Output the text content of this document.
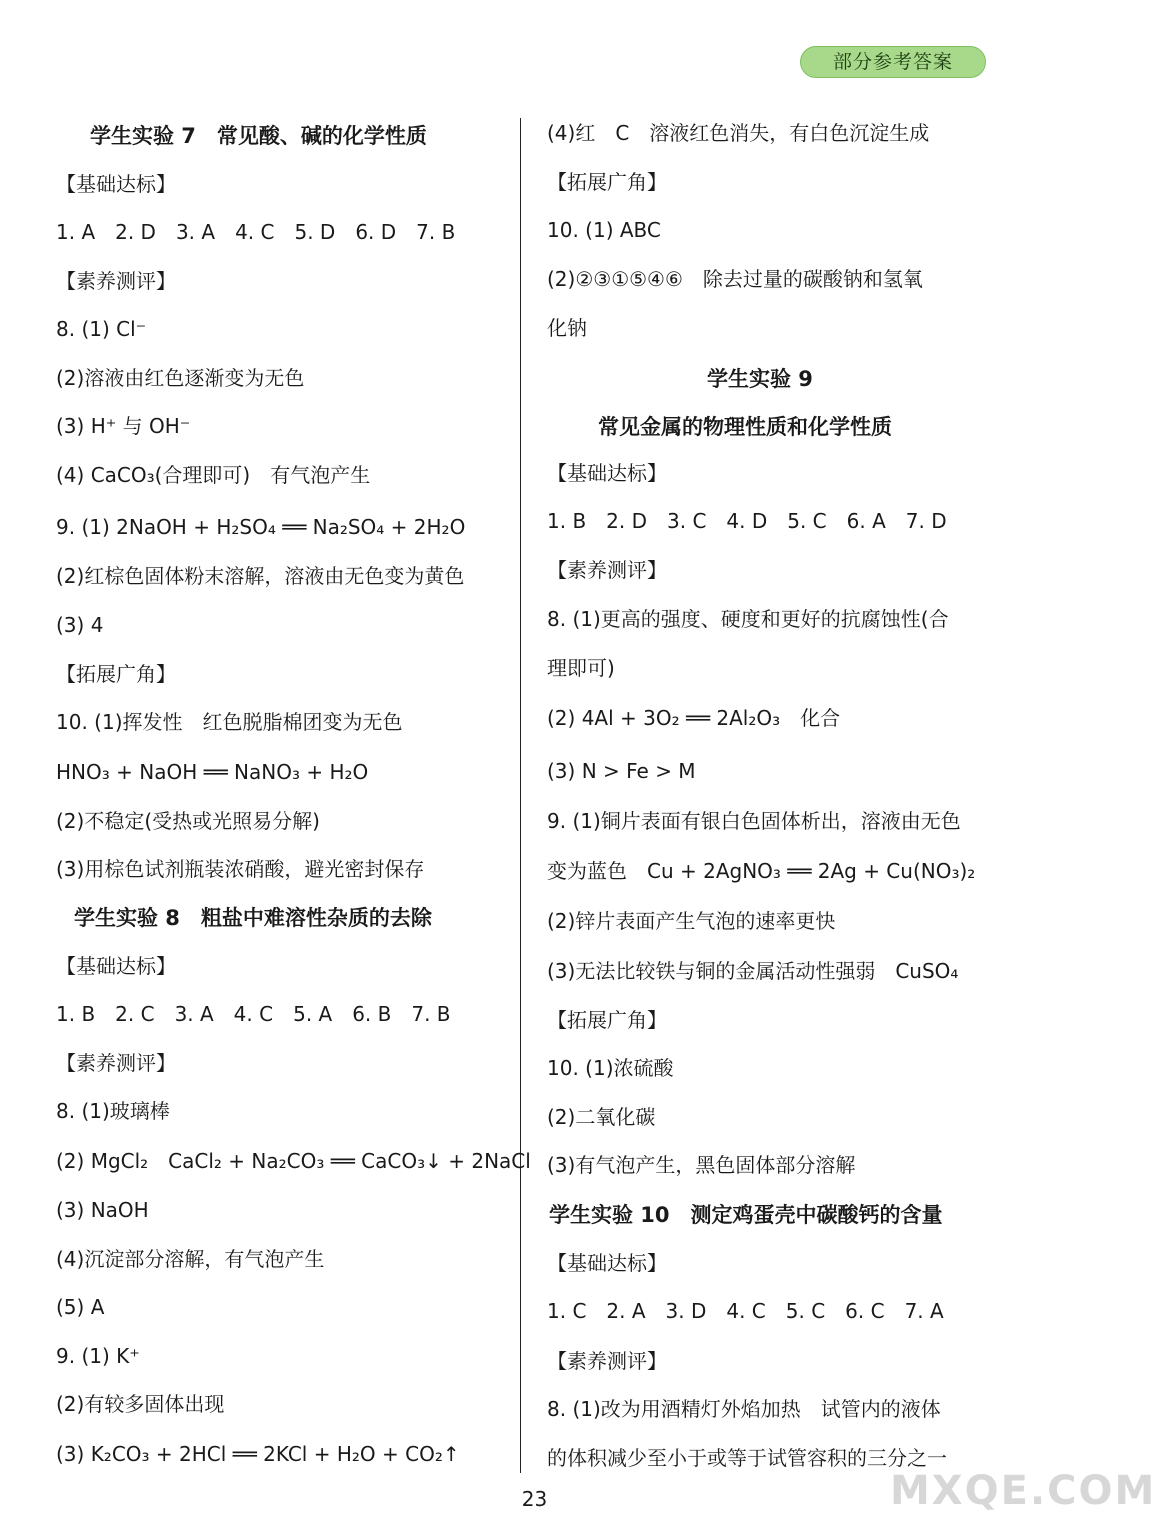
部分参考答案
学生实验 7　常见酸、碱的化学性质
【基础达标】
1. A　2. D　3. A　4. C　5. D　6. D　7. B
【素养测评】
8. (1) Cl⁻
(2)溶液由红色逐渐变为无色
(3) H⁺ 与 OH⁻
(4) CaCO₃(合理即可)　有气泡产生
9. (1) 2NaOH + H₂SO₄ ══ Na₂SO₄ + 2H₂O
(2)红棕色固体粉末溶解，溶液由无色变为黄色
(3) 4
【拓展广角】
10. (1)挥发性　红色脱脂棉团变为无色
HNO₃ + NaOH ══ NaNO₃ + H₂O
(2)不稳定(受热或光照易分解)
(3)用棕色试剂瓶装浓硝酸，避光密封保存
学生实验 8　粗盐中难溶性杂质的去除
【基础达标】
1. B　2. C　3. A　4. C　5. A　6. B　7. B
【素养测评】
8. (1)玻璃棒
(2) MgCl₂　CaCl₂ + Na₂CO₃ ══ CaCO₃↓ + 2NaCl
(3) NaOH
(4)沉淀部分溶解，有气泡产生
(5) A
9. (1) K⁺
(2)有较多固体出现
(3) K₂CO₃ + 2HCl ══ 2KCl + H₂O + CO₂↑
(4)红　C　溶液红色消失，有白色沉淀生成
【拓展广角】
10. (1) ABC
(2)②③①⑤④⑥　除去过量的碳酸钠和氢氧
化钠
学生实验 9
常见金属的物理性质和化学性质
【基础达标】
1. B　2. D　3. C　4. D　5. C　6. A　7. D
【素养测评】
8. (1)更高的强度、硬度和更好的抗腐蚀性(合
理即可)
(2) 4Al + 3O₂ ══ 2Al₂O₃　化合
(3) N > Fe > M
9. (1)铜片表面有银白色固体析出，溶液由无色
变为蓝色　Cu + 2AgNO₃ ══ 2Ag + Cu(NO₃)₂
(2)锌片表面产生气泡的速率更快
(3)无法比较铁与铜的金属活动性强弱　CuSO₄
【拓展广角】
10. (1)浓硫酸
(2)二氧化碳
(3)有气泡产生，黑色固体部分溶解
学生实验 10　测定鸡蛋壳中碳酸钙的含量
【基础达标】
1. C　2. A　3. D　4. C　5. C　6. C　7. A
【素养测评】
8. (1)改为用酒精灯外焰加热　试管内的液体
的体积减少至小于或等于试管容积的三分之一
23	MXQE.COM
